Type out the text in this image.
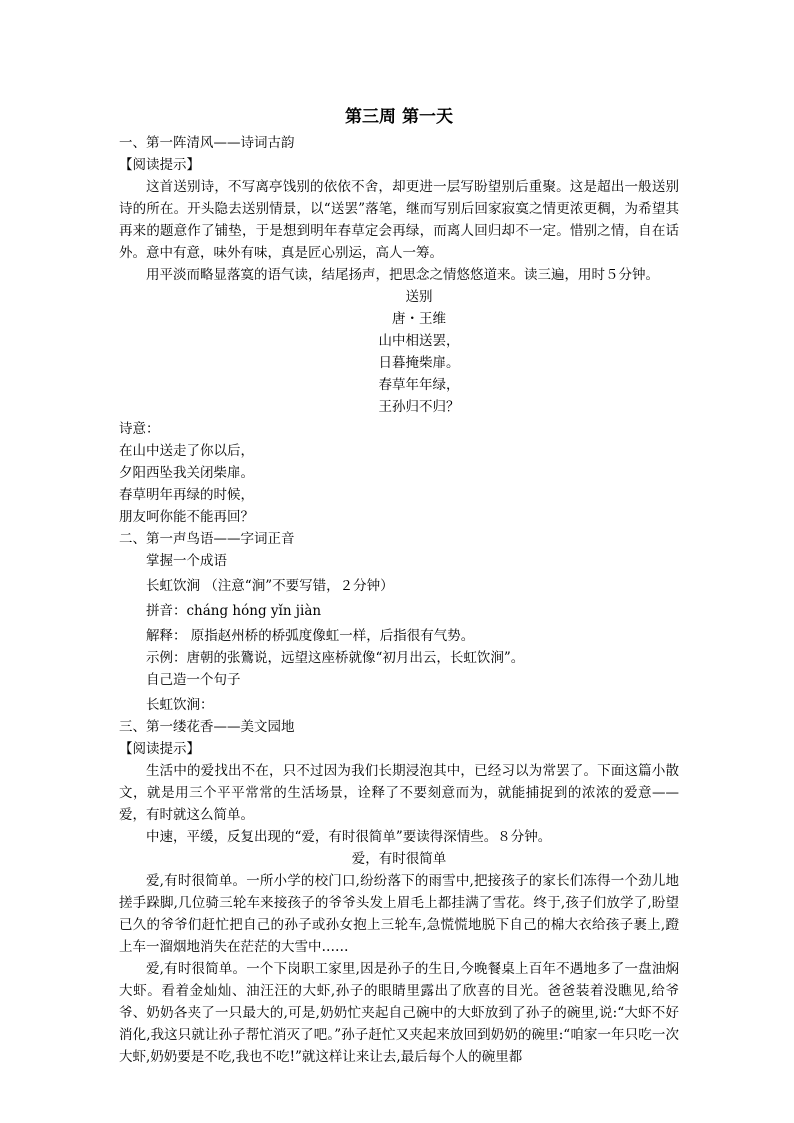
第三周 第一天
一、第一阵清风——诗词古韵
【阅读提示】
这首送别诗，不写离亭饯别的依依不舍，却更进一层写盼望别后重聚。这是超出一般送别诗的所在。开头隐去送别情景，以“送罢”落笔，继而写别后回家寂寞之情更浓更稠，为希望其再来的题意作了铺垫，于是想到明年春草定会再绿，而离人回归却不一定。惜别之情，自在话外。意中有意，味外有味，真是匠心别运，高人一筹。
用平淡而略显落寞的语气读，结尾扬声，把思念之情悠悠道来。读三遍，用时５分钟。
送别
唐・王维
山中相送罢，
日暮掩柴扉。
春草年年绿，
王孙归不归？
诗意：
在山中送走了你以后，
夕阳西坠我关闭柴扉。
春草明年再绿的时候，
朋友呵你能不能再回？
二、第一声鸟语——字词正音
掌握一个成语
长虹饮涧 （注意“涧”不要写错，２分钟）
拼音：cháng hóng yǐn jiàn
解释： 原指赵州桥的桥弧度像虹一样，后指很有气势。
示例：唐朝的张鷟说，远望这座桥就像“初月出云，长虹饮涧”。
自己造一个句子
长虹饮涧：
三、第一缕花香——美文园地
【阅读提示】
生活中的爱找出不在，只不过因为我们长期浸泡其中，已经习以为常罢了。下面这篇小散文，就是用三个平平常常的生活场景，诠释了不要刻意而为，就能捕捉到的浓浓的爱意——爱，有时就这么简单。
中速，平缓，反复出现的“爱，有时很简单”要读得深情些。８分钟。
爱，有时很简单
爱,有时很简单。一所小学的校门口,纷纷落下的雨雪中,把接孩子的家长们冻得一个劲儿地搓手跺脚,几位骑三轮车来接孩子的爷爷头发上眉毛上都挂满了雪花。终于,孩子们放学了,盼望已久的爷爷们赶忙把自己的孙子或孙女抱上三轮车,急慌慌地脱下自己的棉大衣给孩子裹上,蹬上车一溜烟地消失在茫茫的大雪中……
爱,有时很简单。一个下岗职工家里,因是孙子的生日,今晚餐桌上百年不遇地多了一盘油焖大虾。看着金灿灿、油汪汪的大虾,孙子的眼睛里露出了欣喜的目光。爸爸装着没瞧见,给爷爷、奶奶各夹了一只最大的,可是,奶奶忙夹起自己碗中的大虾放到了孙子的碗里,说:“大虾不好消化,我这只就让孙子帮忙消灭了吧。”孙子赶忙又夹起来放回到奶奶的碗里:“咱家一年只吃一次大虾,奶奶要是不吃,我也不吃!”就这样让来让去,最后每个人的碗里都
